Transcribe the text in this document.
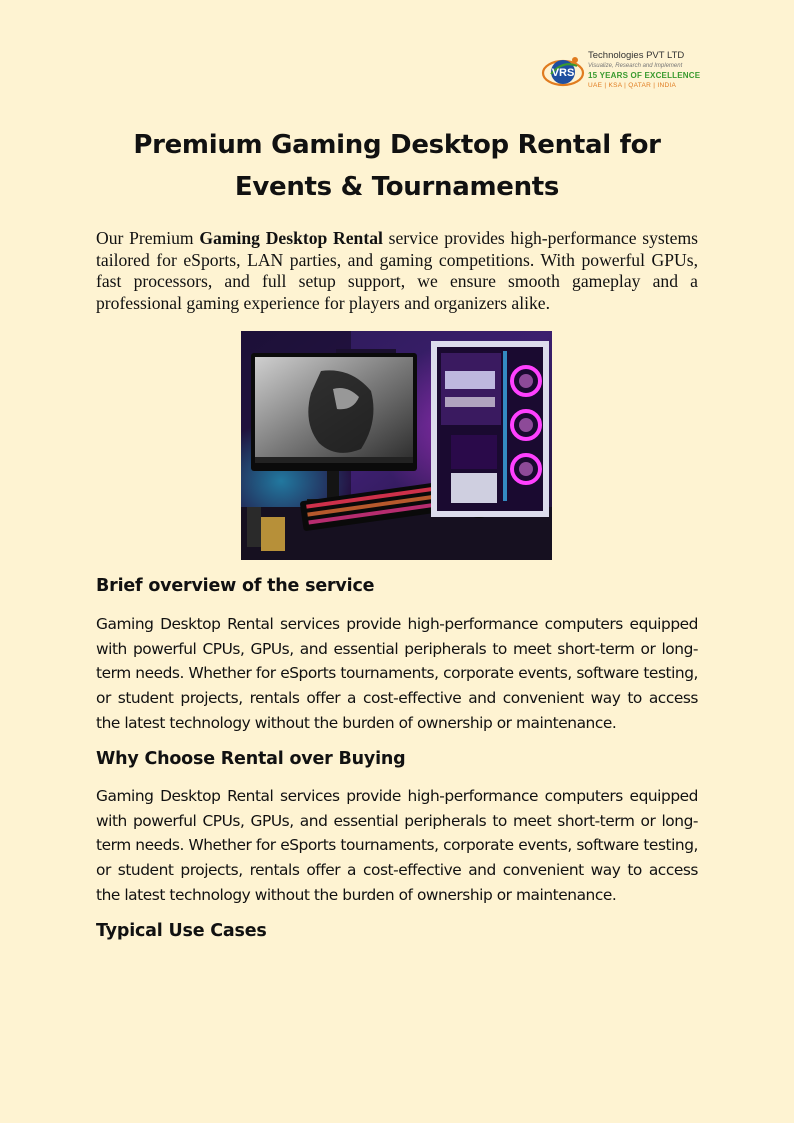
VRS
Technologies PVT LTD
Visualize, Research and Implement
15 YEARS OF EXCELLENCE
UAE | KSA | QATAR | INDIA
Premium Gaming Desktop Rental for Events & Tournaments

Our Premium Gaming Desktop Rental service provides high-performance systems tailored for eSports, LAN parties, and gaming competitions. With powerful GPUs, fast processors, and full setup support, we ensure smooth gameplay and a professional gaming experience for players and organizers alike.

Brief overview of the service

Gaming Desktop Rental services provide high-performance computers equipped with powerful CPUs, GPUs, and essential peripherals to meet short-term or long-term needs. Whether for eSports tournaments, corporate events, software testing, or student projects, rentals offer a cost-effective and convenient way to access the latest technology without the burden of ownership or maintenance.

Why Choose Rental over Buying

Gaming Desktop Rental services provide high-performance computers equipped with powerful CPUs, GPUs, and essential peripherals to meet short-term or long-term needs. Whether for eSports tournaments, corporate events, software testing, or student projects, rentals offer a cost-effective and convenient way to access the latest technology without the burden of ownership or maintenance.

Typical Use Cases
